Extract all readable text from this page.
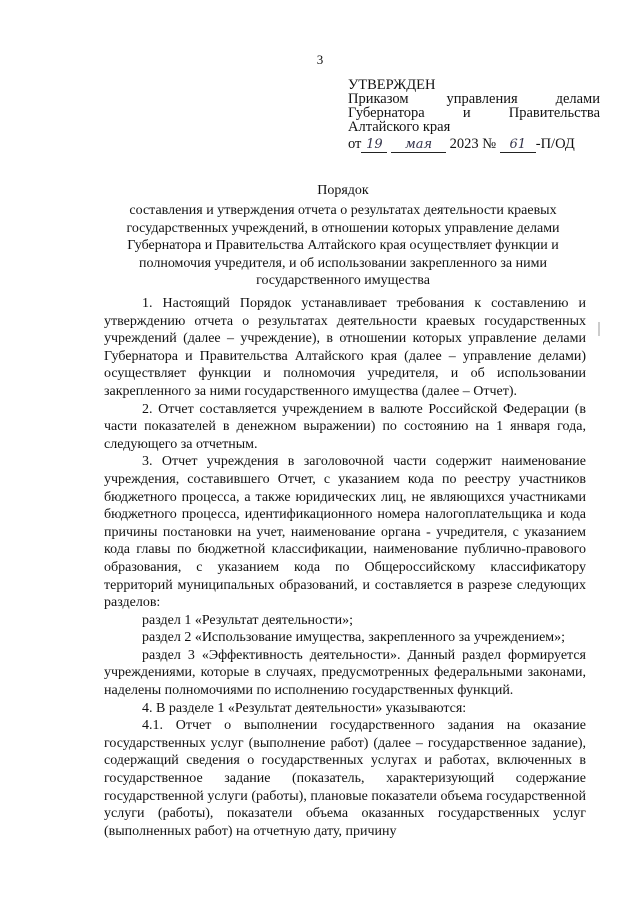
3
УТВЕРЖДЕН
Приказом управления делами
Губернатора и Правительства
Алтайского края
от 19 мая 2023 № 61 -П/ОД
Порядок
составления и утверждения отчета о результатах деятельности краевых государственных учреждений, в отношении которых управление делами Губернатора и Правительства Алтайского края осуществляет функции и полномочия учредителя, и об использовании закрепленного за ними государственного имущества

1. Настоящий Порядок устанавливает требования к составлению и утверждению отчета о результатах деятельности краевых государственных учреждений (далее – учреждение), в отношении которых управление делами Губернатора и Правительства Алтайского края (далее – управление делами) осуществляет функции и полномочия учредителя, и об использовании закрепленного за ними государственного имущества (далее – Отчет).

2. Отчет составляется учреждением в валюте Российской Федерации (в части показателей в денежном выражении) по состоянию на 1 января года, следующего за отчетным.

3. Отчет учреждения в заголовочной части содержит наименование учреждения, составившего Отчет, с указанием кода по реестру участников бюджетного процесса, а также юридических лиц, не являющихся участниками бюджетного процесса, идентификационного номера налогоплательщика и кода причины постановки на учет, наименование органа - учредителя, с указанием кода главы по бюджетной классификации, наименование публично-правового образования, с указанием кода по Общероссийскому классификатору территорий муниципальных образований, и составляется в разрезе следующих разделов:

раздел 1 «Результат деятельности»;

раздел 2 «Использование имущества, закрепленного за учреждением»;

раздел 3 «Эффективность деятельности». Данный раздел формируется учреждениями, которые в случаях, предусмотренных федеральными законами, наделены полномочиями по исполнению государственных функций.

4. В разделе 1 «Результат деятельности» указываются:

4.1. Отчет о выполнении государственного задания на оказание государственных услуг (выполнение работ) (далее – государственное задание), содержащий сведения о государственных услугах и работах, включенных в государственное задание (показатель, характеризующий содержание государственной услуги (работы), плановые показатели объема государственной услуги (работы), показатели объема оказанных государственных услуг (выполненных работ) на отчетную дату, причину
